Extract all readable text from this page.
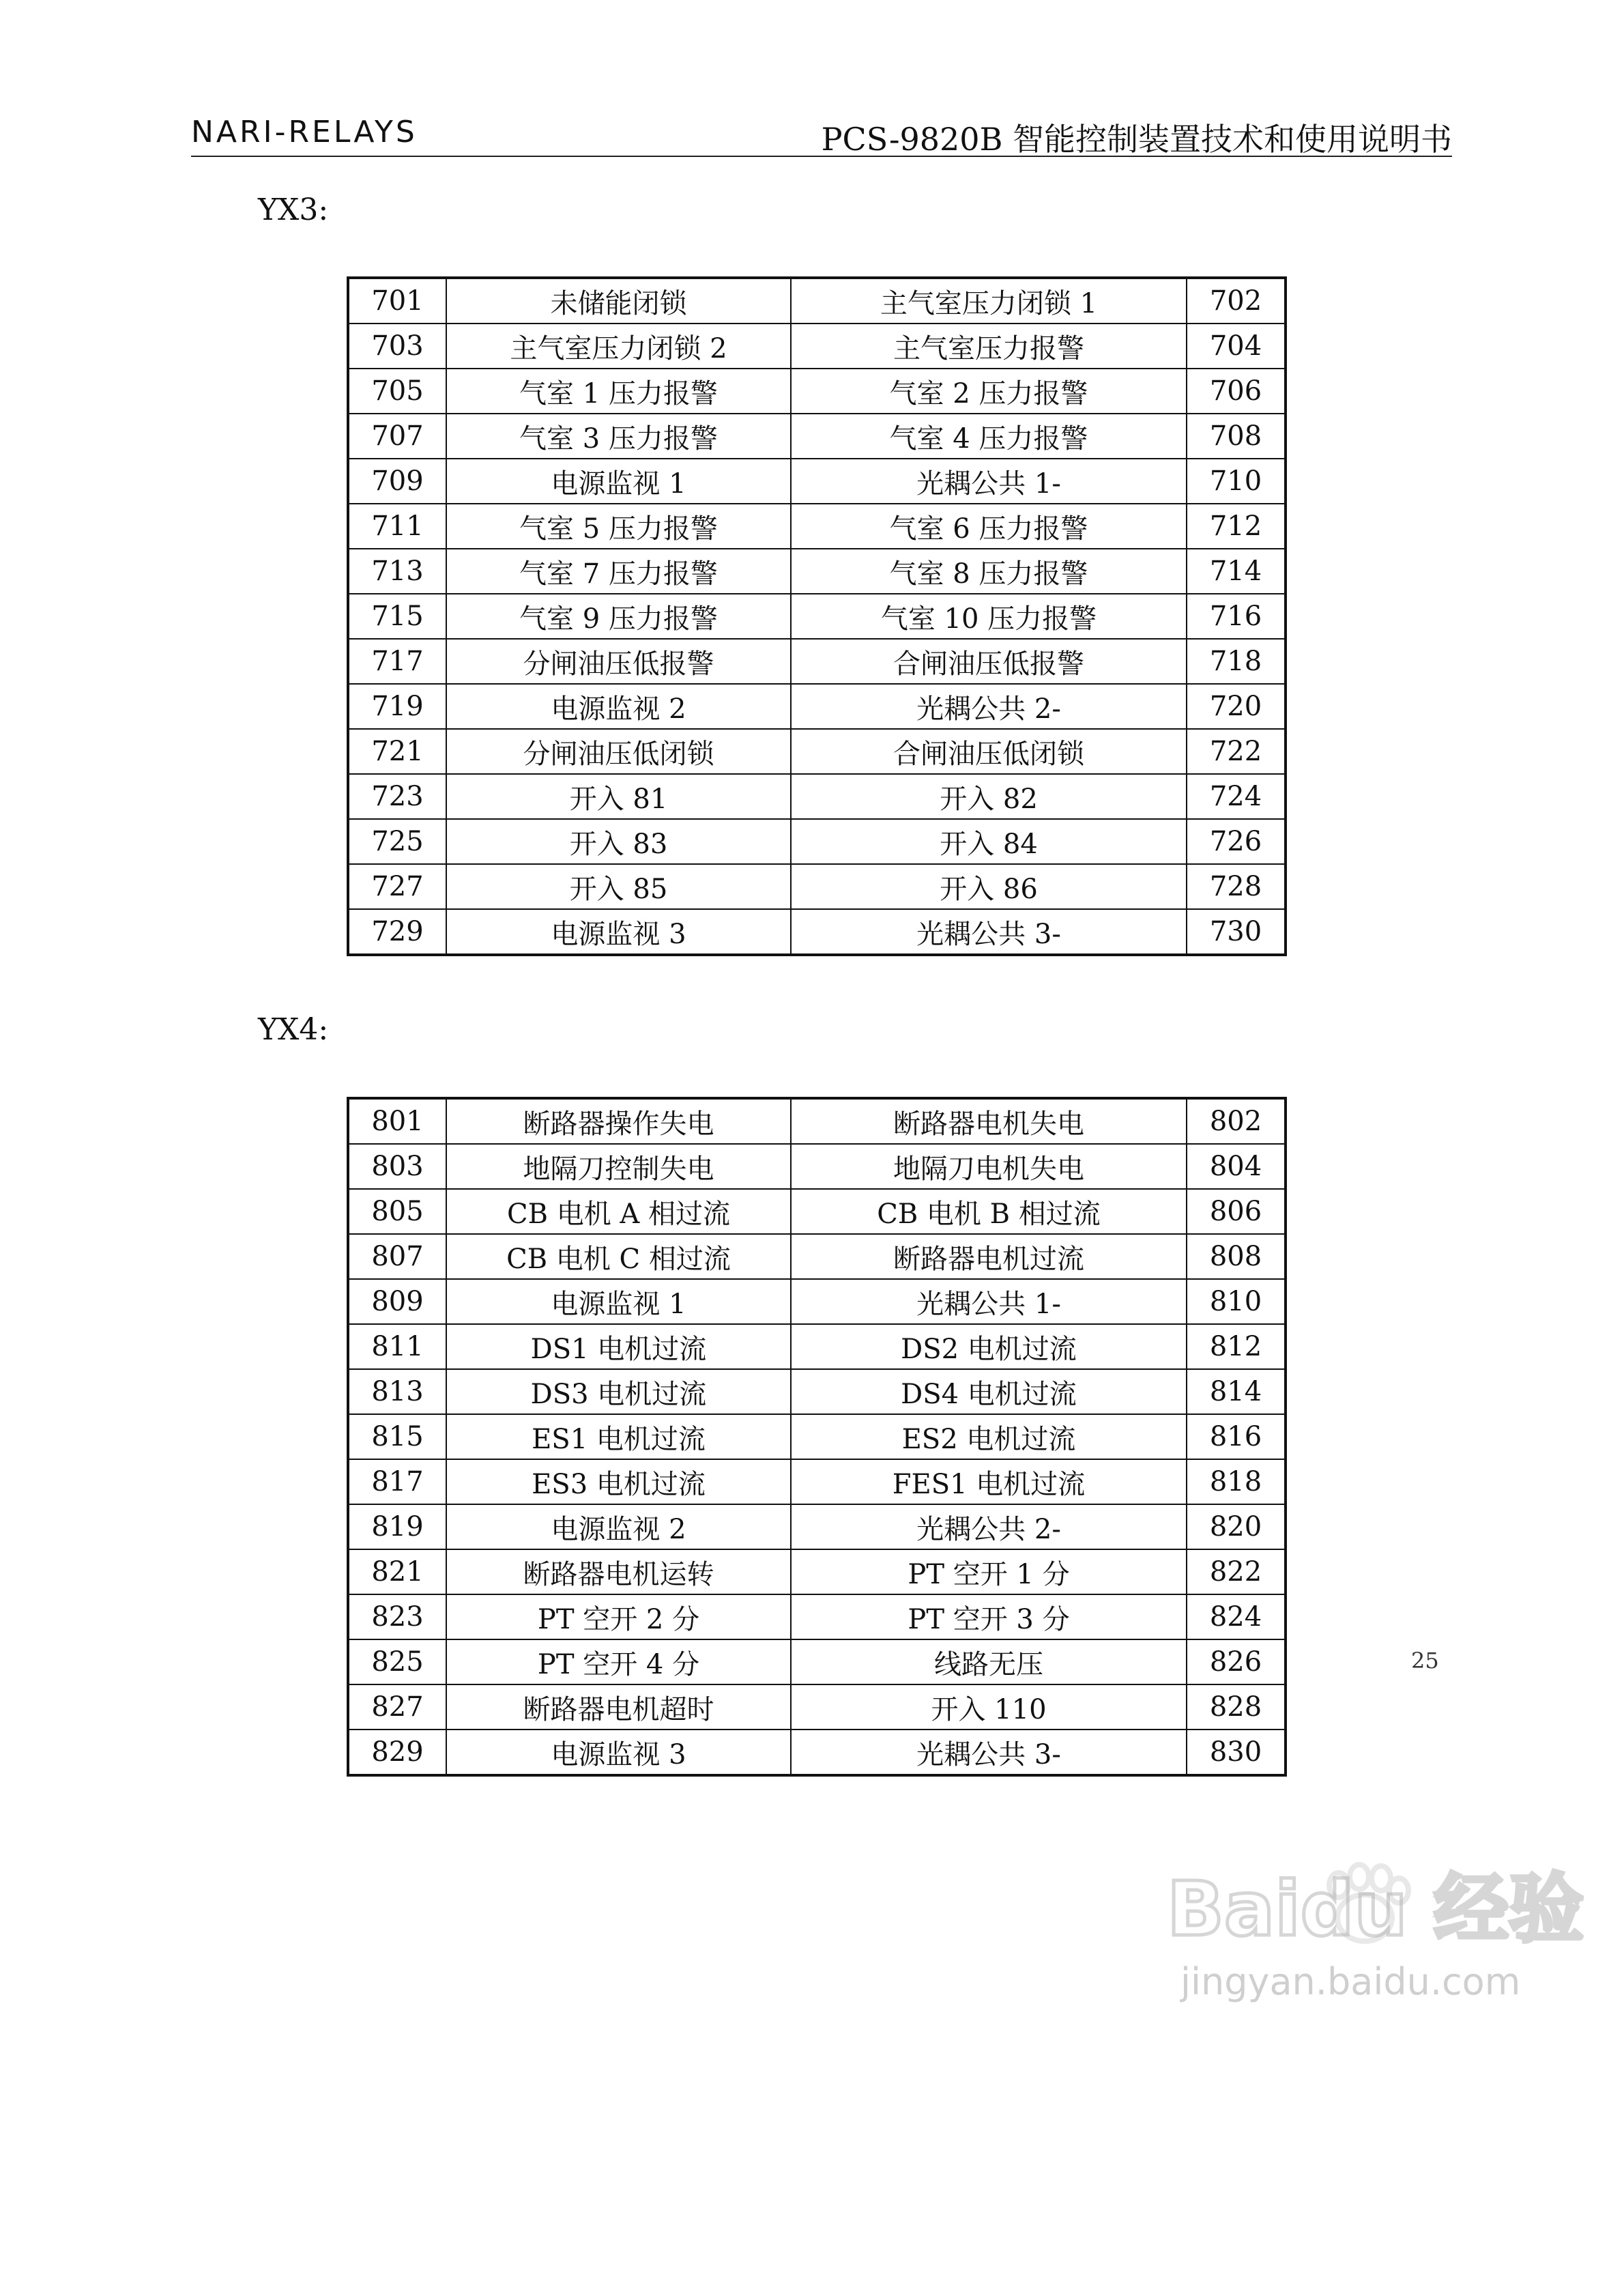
NARI-RELAYS	PCS-9820B 智能控制装置技术和使用说明书
YX3:
701	未储能闭锁	主气室压力闭锁 1	702
703	主气室压力闭锁 2	主气室压力报警	704
705	气室 1 压力报警	气室 2 压力报警	706
707	气室 3 压力报警	气室 4 压力报警	708
709	电源监视 1	光耦公共 1-	710
711	气室 5 压力报警	气室 6 压力报警	712
713	气室 7 压力报警	气室 8 压力报警	714
715	气室 9 压力报警	气室 10 压力报警	716
717	分闸油压低报警	合闸油压低报警	718
719	电源监视 2	光耦公共 2-	720
721	分闸油压低闭锁	合闸油压低闭锁	722
723	开入 81	开入 82	724
725	开入 83	开入 84	726
727	开入 85	开入 86	728
729	电源监视 3	光耦公共 3-	730
YX4:
801	断路器操作失电	断路器电机失电	802
803	地隔刀控制失电	地隔刀电机失电	804
805	CB 电机 A 相过流	CB 电机 B 相过流	806
807	CB 电机 C 相过流	断路器电机过流	808
809	电源监视 1	光耦公共 1-	810
811	DS1 电机过流	DS2 电机过流	812
813	DS3 电机过流	DS4 电机过流	814
815	ES1 电机过流	ES2 电机过流	816
817	ES3 电机过流	FES1 电机过流	818
819	电源监视 2	光耦公共 2-	820
821	断路器电机运转	PT 空开 1 分	822
823	PT 空开 2 分	PT 空开 3 分	824
825	PT 空开 4 分	线路无压	826
827	断路器电机超时	开入 110	828
829	电源监视 3	光耦公共 3-	830
25
Baidu 经验
jingyan.baidu.com
